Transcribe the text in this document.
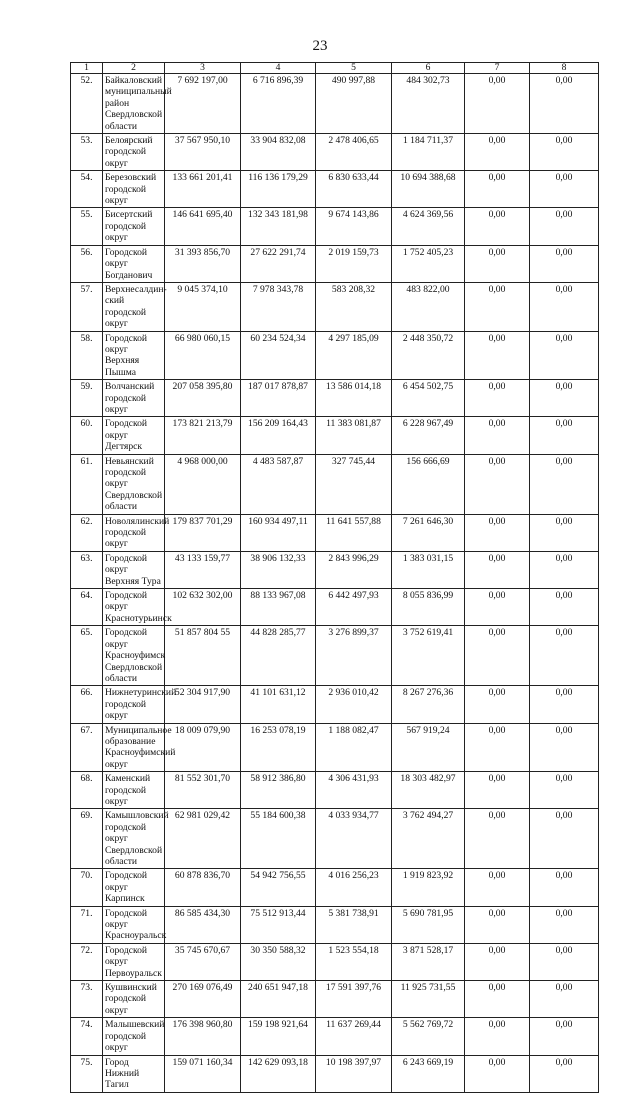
23
1	2	3	4	5	6	7	8
52.	Байкаловский муниципальный район Свердловской области	7 692 197,00	6 716 896,39	490 997,88	484 302,73	0,00	0,00
53.	Белоярский городской округ	37 567 950,10	33 904 832,08	2 478 406,65	1 184 711,37	0,00	0,00
54.	Березовский городской округ	133 661 201,41	116 136 179,29	6 830 633,44	10 694 388,68	0,00	0,00
55.	Бисертский городской округ	146 641 695,40	132 343 181,98	9 674 143,86	4 624 369,56	0,00	0,00
56.	Городской округ Богданович	31 393 856,70	27 622 291,74	2 019 159,73	1 752 405,23	0,00	0,00
57.	Верхнесалдин-ский городской округ	9 045 374,10	7 978 343,78	583 208,32	483 822,00	0,00	0,00
58.	Городской округ Верхняя Пышма	66 980 060,15	60 234 524,34	4 297 185,09	2 448 350,72	0,00	0,00
59.	Волчанский городской округ	207 058 395,80	187 017 878,87	13 586 014,18	6 454 502,75	0,00	0,00
60.	Городской округ Дегтярск	173 821 213,79	156 209 164,43	11 383 081,87	6 228 967,49	0,00	0,00
61.	Невьянский городской округ Свердловской области	4 968 000,00	4 483 587,87	327 745,44	156 666,69	0,00	0,00
62.	Новолялинский городской округ	179 837 701,29	160 934 497,11	11 641 557,88	7 261 646,30	0,00	0,00
63.	Городской округ Верхняя Тура	43 133 159,77	38 906 132,33	2 843 996,29	1 383 031,15	0,00	0,00
64.	Городской округ Краснотурьинск	102 632 302,00	88 133 967,08	6 442 497,93	8 055 836,99	0,00	0,00
65.	Городской округ Красноуфимск Свердловской области	51 857 804 55	44 828 285,77	3 276 899,37	3 752 619,41	0,00	0,00
66.	Нижнетуринский городской округ	52 304 917,90	41 101 631,12	2 936 010,42	8 267 276,36	0,00	0,00
67.	Муниципальное образование Красноуфимский округ	18 009 079,90	16 253 078,19	1 188 082,47	567 919,24	0,00	0,00
68.	Каменский городской округ	81 552 301,70	58 912 386,80	4 306 431,93	18 303 482,97	0,00	0,00
69.	Камышловский городской округ Свердловской области	62 981 029,42	55 184 600,38	4 033 934,77	3 762 494,27	0,00	0,00
70.	Городской округ Карпинск	60 878 836,70	54 942 756,55	4 016 256,23	1 919 823,92	0,00	0,00
71.	Городской округ Красноуральск	86 585 434,30	75 512 913,44	5 381 738,91	5 690 781,95	0,00	0,00
72.	Городской округ Первоуральск	35 745 670,67	30 350 588,32	1 523 554,18	3 871 528,17	0,00	0,00
73.	Кушвинский городской округ	270 169 076,49	240 651 947,18	17 591 397,76	11 925 731,55	0,00	0,00
74.	Малышевский городской округ	176 398 960,80	159 198 921,64	11 637 269,44	5 562 769,72	0,00	0,00
75.	Город Нижний Тагил	159 071 160,34	142 629 093,18	10 198 397,97	6 243 669,19	0,00	0,00
